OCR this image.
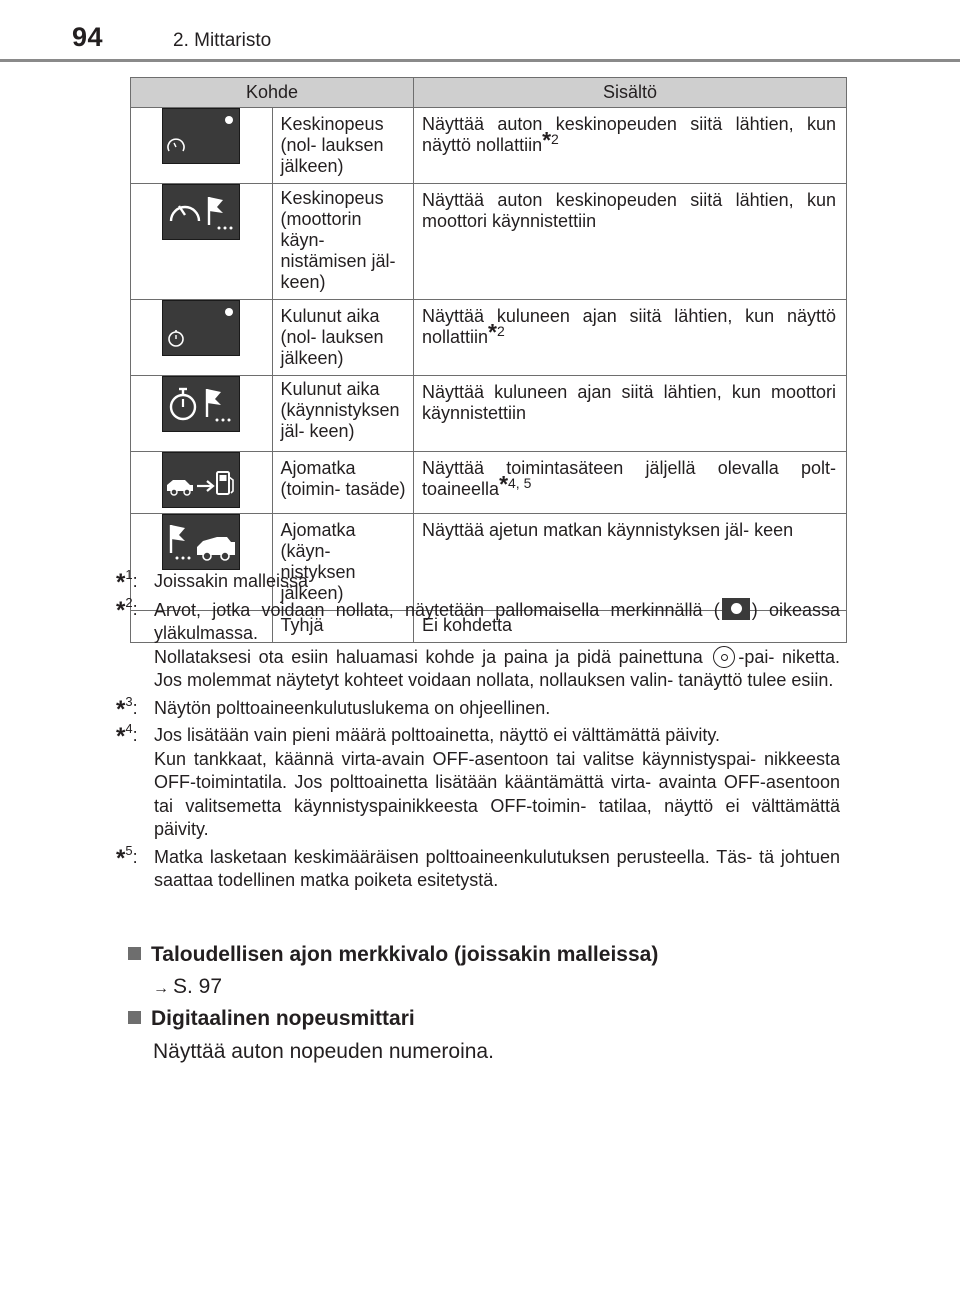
94	2. Mittaristo
Kohde		Sisältö

	Keskinopeus (nol- lauksen jälkeen)	Näyttää auton keskinopeuden siitä lähtien, kun näyttö nollattiin$^{*2}$

	Keskinopeus (moottorin käyn- nistämisen jäl- keen)	Näyttää auton keskinopeuden siitä lähtien, kun moottori käynnistettiin

	Kulunut aika (nol- lauksen jälkeen)	Näyttää kuluneen ajan siitä lähtien, kun näyttö nollattiin$^{*2}$

	Kulunut aika (käynnistyksen jäl- keen)	Näyttää kuluneen ajan siitä lähtien, kun moottori käynnistettiin

	Ajomatka (toimin- tasäde)	Näyttää toimintasäteen jäljellä olevalla polt- toaineella$^{*4, 5}$

	Ajomatka (käyn- nistyksen jälkeen)	Näyttää ajetun matkan käynnistyksen jäl- keen
	Tyhjä	Ei kohdetta
*$^1$: Joissakin malleissa

*$^2$: Arvot, jotka voidaan nollata, näytetään pallomaisella merkinnällä ( ) oikeassa yläkulmassa.

Nollataksesi ota esiin haluamasi kohde ja paina ja pidä painettuna -pai- niketta. Jos molemmat näytetyt kohteet voidaan nollata, nollauksen valin- tanäyttö tulee esiin.

*$^3$: Näytön polttoaineenkulutuslukema on ohjeellinen.

*$^4$: Jos lisätään vain pieni määrä polttoainetta, näyttö ei välttämättä päivity.

Kun tankkaat, käännä virta-avain OFF-asentoon tai valitse käynnistyspai- nikkeesta OFF-toimintatila. Jos polttoainetta lisätään kääntämättä virta- avainta OFF-asentoon tai valitsemetta käynnistyspainikkeesta OFF-toimin- tatilaa, näyttö ei välttämättä päivity.

*$^5$: Matka lasketaan keskimääräisen polttoaineenkulutuksen perusteella. Täs- tä johtuen saattaa todellinen matka poiketa esitetystä.

Taloudellisen ajon merkkivalo (joissakin malleissa)
→ S. 97
Digitaalinen nopeusmittari
Näyttää auton nopeuden numeroina.
